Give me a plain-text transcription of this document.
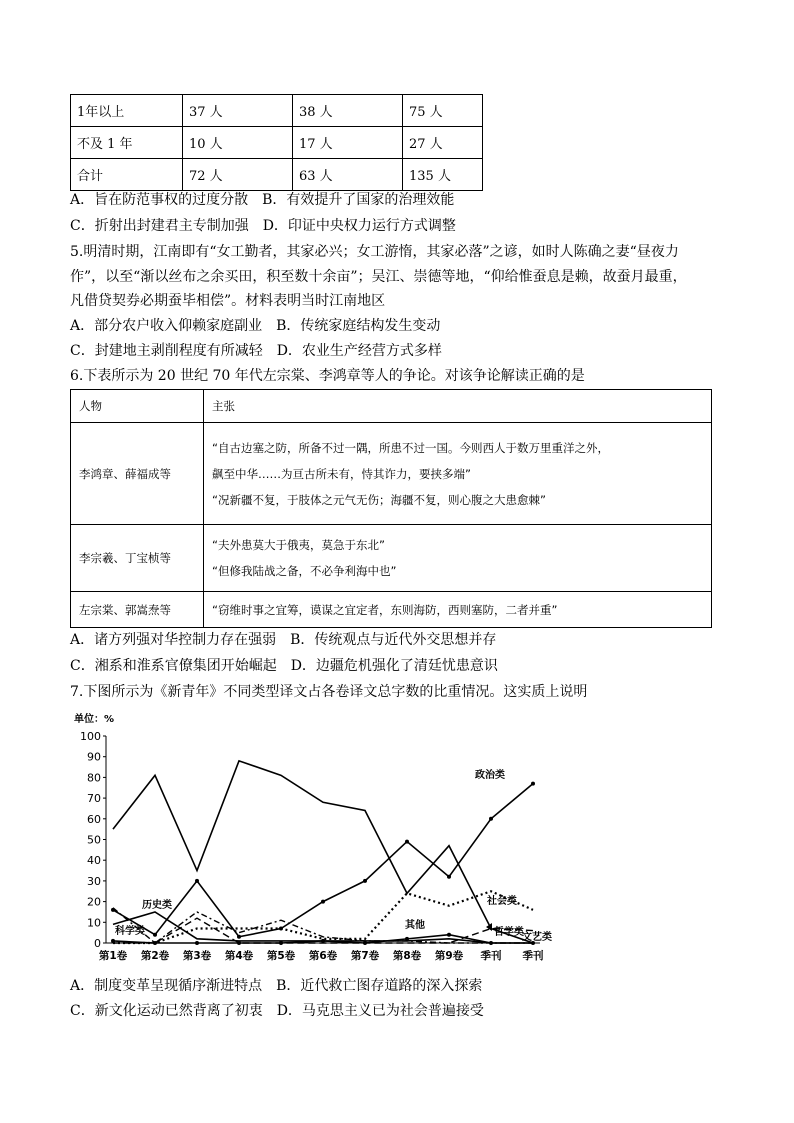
1年以上	37 人	38 人	75 人
不及 1 年	10 人	17 人	27 人
合计	72 人	63 人	135 人
A．旨在防范事权的过度分散　B．有效提升了国家的治理效能
C．折射出封建君主专制加强　D．印证中央权力运行方式调整
5.明清时期，江南即有“女工勤者，其家必兴；女工游惰，其家必落”之谚，如时人陈确之妻“昼夜力
作”，以至“渐以丝布之余买田，积至数十余亩”；吴江、崇德等地，“仰给惟蚕息是赖，故蚕月最重，
凡借贷契券必期蚕毕相偿”。材料表明当时江南地区
A．部分农户收入仰赖家庭副业　B．传统家庭结构发生变动
C．封建地主剥削程度有所减轻　D．农业生产经营方式多样
6.下表所示为 20 世纪 70 年代左宗棠、李鸿章等人的争论。对该争论解读正确的是
人物	主张
李鸿章、薛福成等	“自古边塞之防，所备不过一隅，所患不过一国。今则西人于数万里重洋之外，
飙至中华……为亘古所未有，恃其诈力，要挟多端”
“况新疆不复，于肢体之元气无伤；海疆不复，则心腹之大患愈棘”

李宗羲、丁宝桢等	“夫外患莫大于俄夷，莫急于东北”
“但修我陆战之备，不必争利海中也”

左宗棠、郭嵩焘等	“窃维时事之宜筹，谟谋之宜定者，东则海防，西则塞防，二者并重”
A．诸方列强对华控制力存在强弱　B．传统观点与近代外交思想并存
C．湘系和淮系官僚集团开始崛起　D．边疆危机强化了清廷忧患意识
7.下图所示为《新青年》不同类型译文占各卷译文总字数的比重情况。这实质上说明
单位：%
0
10
20
30
40
50
60
70
80
90
100
第1卷 第2卷 第3卷 第4卷 第5卷 第6卷 第7卷 第8卷 第9卷 季刊 季刊
政治类
社会类
历史类
科学类
其他
哲学类
文艺类
A．制度变革呈现循序渐进特点　B．近代救亡图存道路的深入探索
C．新文化运动已然背离了初衷　D．马克思主义已为社会普遍接受
